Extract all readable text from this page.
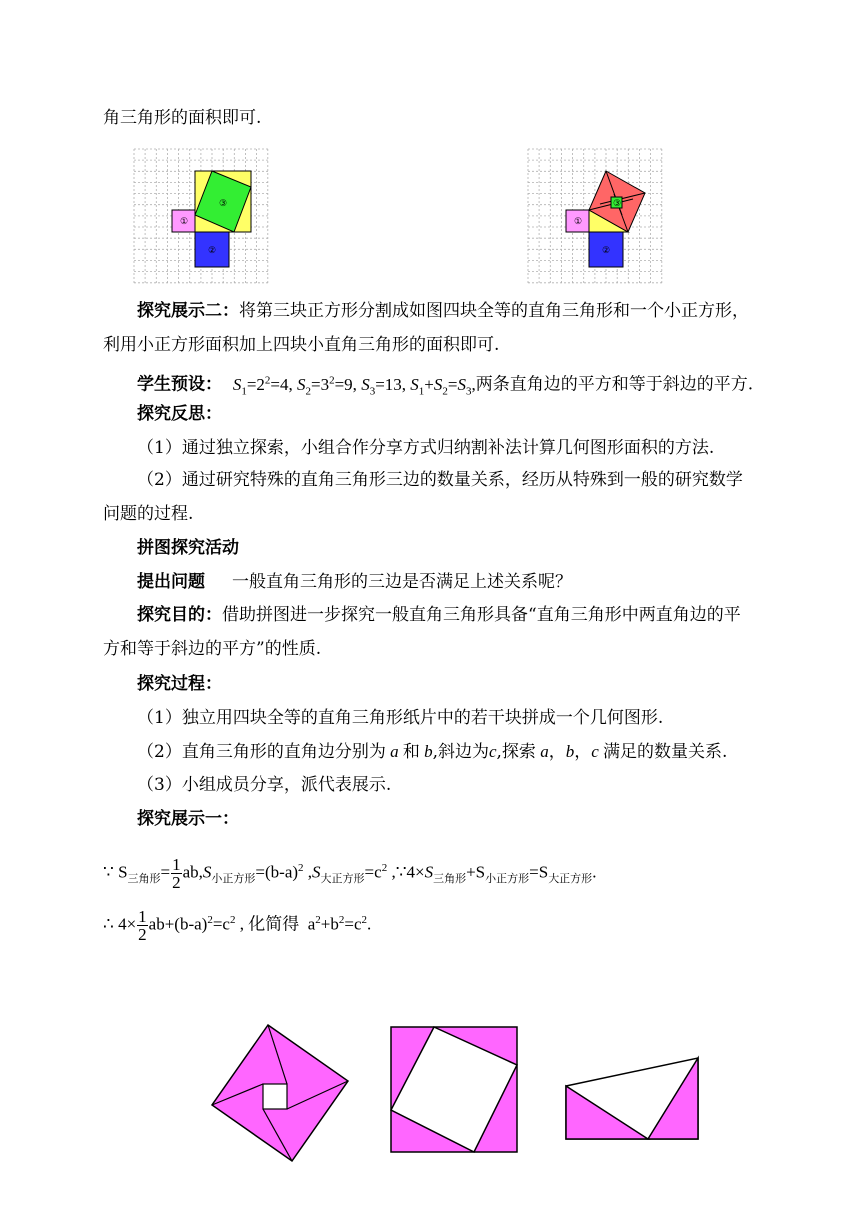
角三角形的面积即可.
③
①
②
③
①
②
探究展示二：将第三块正方形分割成如图四块全等的直角三角形和一个小正方形，
利用小正方形面积加上四块小直角三角形的面积即可.
学生预设： $S_1=2^2=4$, $S_2=3^2=9$, $S_3=13$, $S_1+S_2=S_3$,两条直角边的平方和等于斜边的平方.
探究反思：
（1）通过独立探索，小组合作分享方式归纳割补法计算几何图形面积的方法.
（2）通过研究特殊的直角三角形三边的数量关系，经历从特殊到一般的研究数学
问题的过程.
拼图探究活动
提出问题 一般直角三角形的三边是否满足上述关系呢？
探究目的：借助拼图进一步探究一般直角三角形具备“直角三角形中两直角边的平
方和等于斜边的平方”的性质.
探究过程：
（1）独立用四块全等的直角三角形纸片中的若干块拼成一个几何图形.
（2）直角三角形的直角边分别为 a 和 b,斜边为c,探索 a，b，c 满足的数量关系.
（3）小组成员分享，派代表展示.
探究展示一：
∵ $S_{三角形}= \frac{1}{2} ab,S_{小正方形}=(b-a)^2$ $,S_{大正方形}=c^2$ $,\because 4\times S_{三角形}+S_{小正方形}=S_{大正方形}$.
∴ $4\times \frac{1}{2} ab+(b-a)^2=c^2$ , 化简得  $a^2+b^2=c^2$.
